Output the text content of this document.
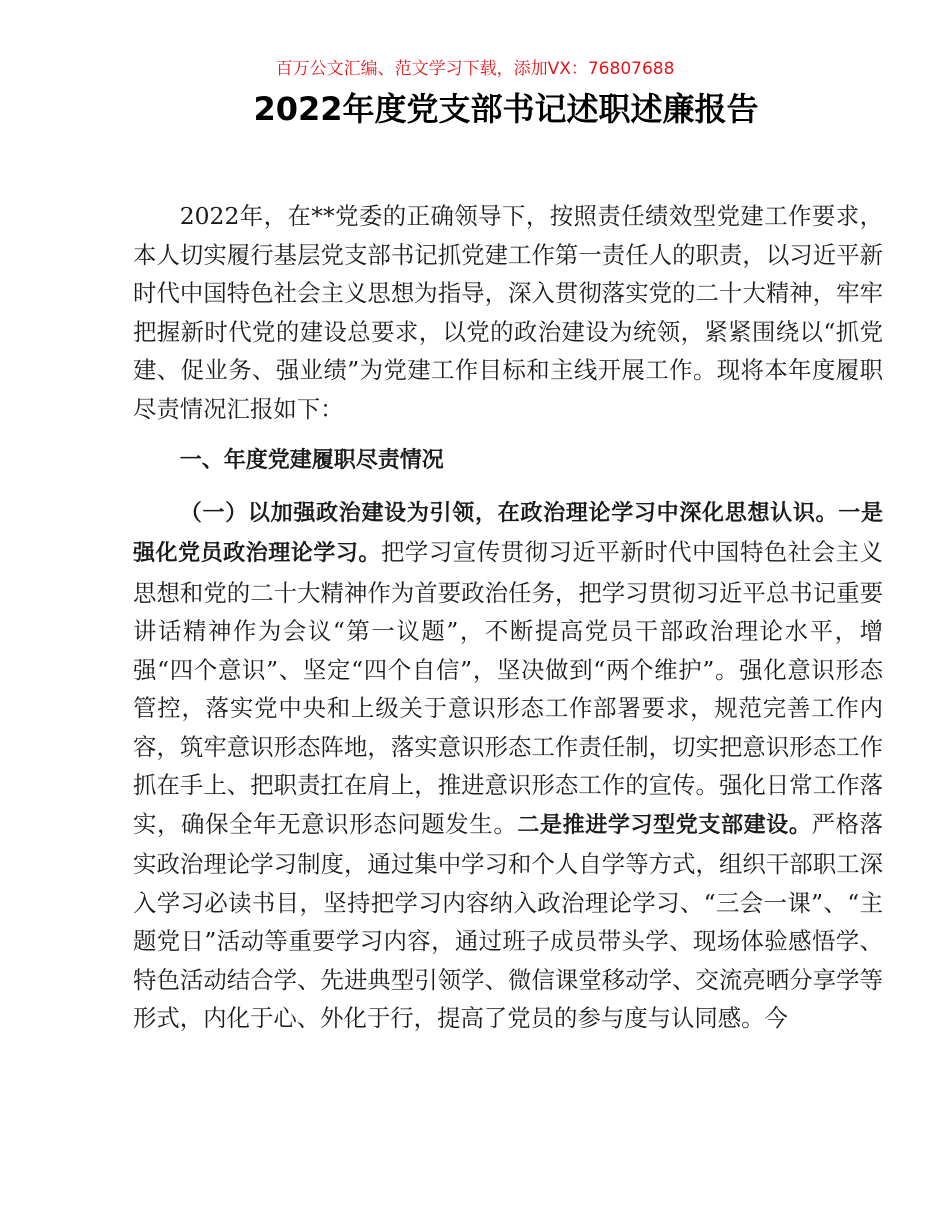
百万公文汇编、范文学习下载，添加VX：76807688
2022年度党支部书记述职述廉报告

2022年，在**党委的正确领导下，按照责任绩效型党建工作要求，本人切实履行基层党支部书记抓党建工作第一责任人的职责，以习近平新时代中国特色社会主义思想为指导，深入贯彻落实党的二十大精神，牢牢把握新时代党的建设总要求，以党的政治建设为统领，紧紧围绕以“抓党建、促业务、强业绩”为党建工作目标和主线开展工作。现将本年度履职尽责情况汇报如下：

一、年度党建履职尽责情况

（一）以加强政治建设为引领，在政治理论学习中深化思想认识。一是强化党员政治理论学习。把学习宣传贯彻习近平新时代中国特色社会主义思想和党的二十大精神作为首要政治任务，把学习贯彻习近平总书记重要讲话精神作为会议“第一议题”，不断提高党员干部政治理论水平，增强“四个意识”、坚定“四个自信”，坚决做到“两个维护”。强化意识形态管控，落实党中央和上级关于意识形态工作部署要求，规范完善工作内容，筑牢意识形态阵地，落实意识形态工作责任制，切实把意识形态工作抓在手上、把职责扛在肩上，推进意识形态工作的宣传。强化日常工作落实，确保全年无意识形态问题发生。二是推进学习型党支部建设。严格落实政治理论学习制度，通过集中学习和个人自学等方式，组织干部职工深入学习必读书目，坚持把学习内容纳入政治理论学习、“三会一课”、“主题党日”活动等重要学习内容，通过班子成员带头学、现场体验感悟学、特色活动结合学、先进典型引领学、微信课堂移动学、交流亮晒分享学等形式，内化于心、外化于行，提高了党员的参与度与认同感。今
